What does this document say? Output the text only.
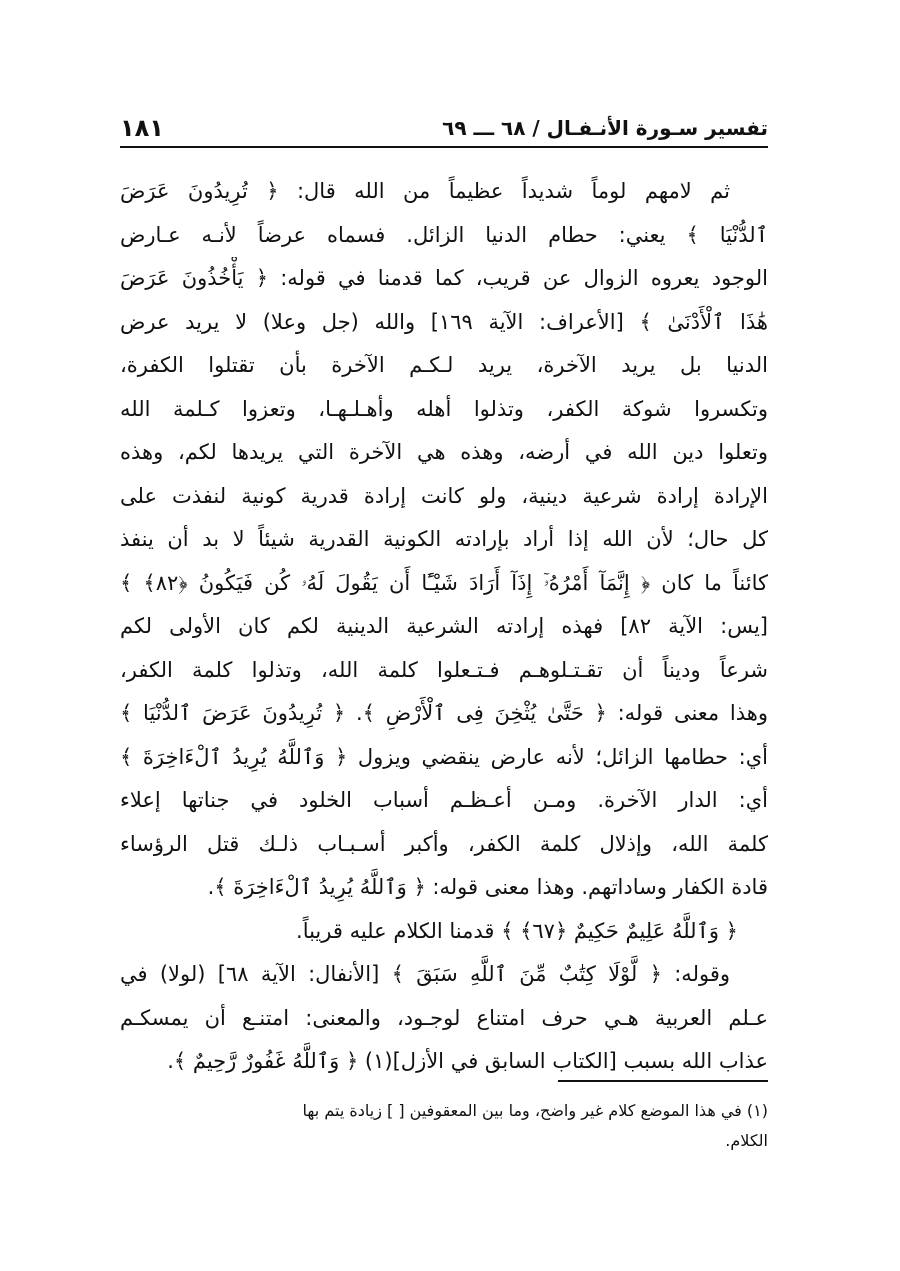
تفسير سـورة الأنـفـال / ٦٨ ـــ ٦٩
١٨١
ثم لامهم لوماً شديداً عظيماً من الله قال: ﴿ تُرِيدُونَ عَرَضَ
ٱلدُّنْيَا ﴾ يعني: حطام الدنيا الزائل. فسماه عرضاً لأنـه عـارض
الوجود يعروه الزوال عن قريب، كما قدمنا في قوله: ﴿ يَأْخُذُونَ عَرَضَ
هَٰذَا ٱلْأَدْنَىٰ ﴾ [الأعراف: الآية ١٦٩] والله (جل وعلا) لا يريد عرض
الدنيا بل يريد الآخرة، يريد لـكـم الآخرة بأن تقتلوا الكفرة،
وتكسروا شوكة الكفر، وتذلوا أهله وأهـلـهـا، وتعزوا كـلمة الله
وتعلوا دين الله في أرضه، وهذه هي الآخرة التي يريدها لكم، وهذه
الإرادة إرادة شرعية دينية، ولو كانت إرادة قدرية كونية لنفذت على
كل حال؛ لأن الله إذا أراد بإرادته الكونية القدرية شيئاً لا بد أن ينفذ
كائناً ما كان ﴿ إِنَّمَآ أَمْرُهُۥٓ إِذَآ أَرَادَ شَيْـًٔا أَن يَقُولَ لَهُۥ كُن فَيَكُونُ ﴿٨٢﴾ ﴾
[يس: الآية ٨٢] فهذه إرادته الشرعية الدينية لكم كان الأولى لكم
شرعاً وديناً أن تقـتـلوهـم فـتـعلوا كلمة الله، وتذلوا كلمة الكفر،
وهذا معنى قوله: ﴿ حَتَّىٰ يُثْخِنَ فِى ٱلْأَرْضِ ﴾. ﴿ تُرِيدُونَ عَرَضَ ٱلدُّنْيَا ﴾
أي: حطامها الزائل؛ لأنه عارض ينقضي ويزول ﴿ وَٱللَّهُ يُرِيدُ ٱلْءَاخِرَةَ ﴾
أي: الدار الآخرة. ومـن أعـظـم أسباب الخلود في جناتها إعلاء
كلمة الله، وإذلال كلمة الكفر، وأكبر أسـبـاب ذلـك قتل الرؤساء
قادة الكفار وساداتهم. وهذا معنى قوله: ﴿ وَٱللَّهُ يُرِيدُ ٱلْءَاخِرَةَ ﴾.
﴿ وَٱللَّهُ عَلِيمٌ حَكِيمٌ ﴿٦٧﴾ ﴾ قدمنا الكلام عليه قريباً.
وقوله: ﴿ لَّوْلَا كِتَٰبٌ مِّنَ ٱللَّهِ سَبَقَ ﴾ [الأنفال: الآية ٦٨] (لولا) في
عـلم العربية هـي حرف امتناع لوجـود، والمعنى: امتنـع أن يمسكـم
عذاب الله بسبب [الكتاب السابق في الأزل](١) ﴿ وَٱللَّهُ غَفُورٌ رَّحِيمٌ ﴾.
(١) في هذا الموضع كلام غير واضح، وما بين المعقوفين [ ] زيادة يتم بها
الكلام.
